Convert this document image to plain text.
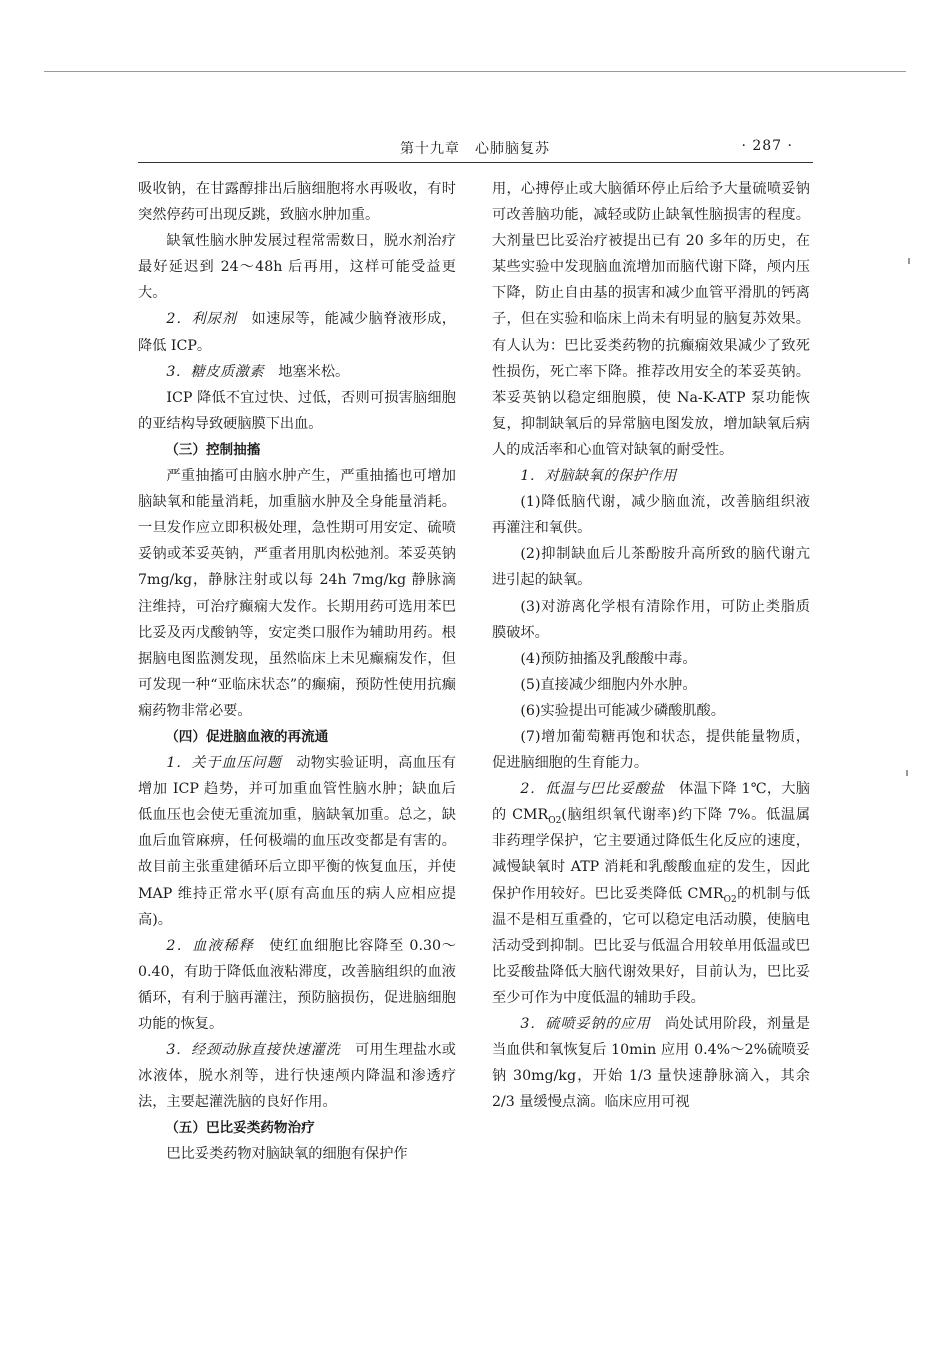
第十九章　心肺脑复苏	· 287 ·

吸收钠，在甘露醇排出后脑细胞将水再吸收，有时突然停药可出现反跳，致脑水肿加重。

缺氧性脑水肿发展过程常需数日，脱水剂治疗最好延迟到 24～48h 后再用，这样可能受益更大。

2．利尿剂　 如速尿等，能减少脑脊液形成，降低 ICP。

3．糖皮质激素　 地塞米松。

ICP 降低不宜过快、过低，否则可损害脑细胞的亚结构导致硬脑膜下出血。

（三）控制抽搐

严重抽搐可由脑水肿产生，严重抽搐也可增加脑缺氧和能量消耗，加重脑水肿及全身能量消耗。一旦发作应立即积极处理，急性期可用安定、硫喷妥钠或苯妥英钠，严重者用肌肉松弛剂。苯妥英钠 7mg/kg，静脉注射或以每 24h 7mg/kg 静脉滴注维持，可治疗癫痫大发作。长期用药可选用苯巴比妥及丙戊酸钠等，安定类口服作为辅助用药。根据脑电图监测发现，虽然临床上未见癫痫发作，但可发现一种“亚临床状态”的癫痫，预防性使用抗癫痫药物非常必要。

（四）促进脑血液的再流通

1．关于血压问题　 动物实验证明，高血压有增加 ICP 趋势，并可加重血管性脑水肿；缺血后低血压也会使无重流加重，脑缺氧加重。总之，缺血后血管麻痹，任何极端的血压改变都是有害的。故目前主张重建循环后立即平衡的恢复血压，并使 MAP 维持正常水平(原有高血压的病人应相应提高)。

2．血液稀释　 使红血细胞比容降至 0.30～0.40，有助于降低血液粘滞度，改善脑组织的血液循环，有利于脑再灌注，预防脑损伤，促进脑细胞功能的恢复。

3．经颈动脉直接快速灌洗　 可用生理盐水或冰液体，脱水剂等，进行快速颅内降温和渗透疗法，主要起灌洗脑的良好作用。

（五）巴比妥类药物治疗

巴比妥类药物对脑缺氧的细胞有保护作

用，心搏停止或大脑循环停止后给予大量硫喷妥钠可改善脑功能，减轻或防止缺氧性脑损害的程度。大剂量巴比妥治疗被提出已有 20 多年的历史，在某些实验中发现脑血流增加而脑代谢下降，颅内压下降，防止自由基的损害和减少血管平滑肌的钙离子，但在实验和临床上尚未有明显的脑复苏效果。有人认为：巴比妥类药物的抗癫痫效果减少了致死性损伤，死亡率下降。推荐改用安全的苯妥英钠。苯妥英钠以稳定细胞膜，使 Na-K-ATP 泵功能恢复，抑制缺氧后的异常脑电图发放，增加缺氧后病人的成活率和心血管对缺氧的耐受性。

1．对脑缺氧的保护作用

(1)降低脑代谢，减少脑血流，改善脑组织液再灌注和氧供。

(2)抑制缺血后儿茶酚胺升高所致的脑代谢亢进引起的缺氧。

(3)对游离化学根有清除作用，可防止类脂质膜破坏。

(4)预防抽搐及乳酸酸中毒。

(5)直接减少细胞内外水肿。

(6)实验提出可能减少磷酸肌酸。

(7)增加葡萄糖再饱和状态，提供能量物质，促进脑细胞的生育能力。

2．低温与巴比妥酸盐　 体温下降 1℃，大脑的 $CMR_{O2}$(脑组织氧代谢率)约下降 7%。低温属非药理学保护，它主要通过降低生化反应的速度，减慢缺氧时 ATP 消耗和乳酸酸血症的发生，因此保护作用较好。巴比妥类降低 $CMR_{O2}$的机制与低温不是相互重叠的，它可以稳定电活动膜，使脑电活动受到抑制。巴比妥与低温合用较单用低温或巴比妥酸盐降低大脑代谢效果好，目前认为，巴比妥至少可作为中度低温的辅助手段。

3．硫喷妥钠的应用　 尚处试用阶段，剂量是当血供和氧恢复后 10min 应用 0.4%～2%硫喷妥钠 30mg/kg，开始 1/3 量快速静脉滴入，其余 2/3 量缓慢点滴。临床应用可视
